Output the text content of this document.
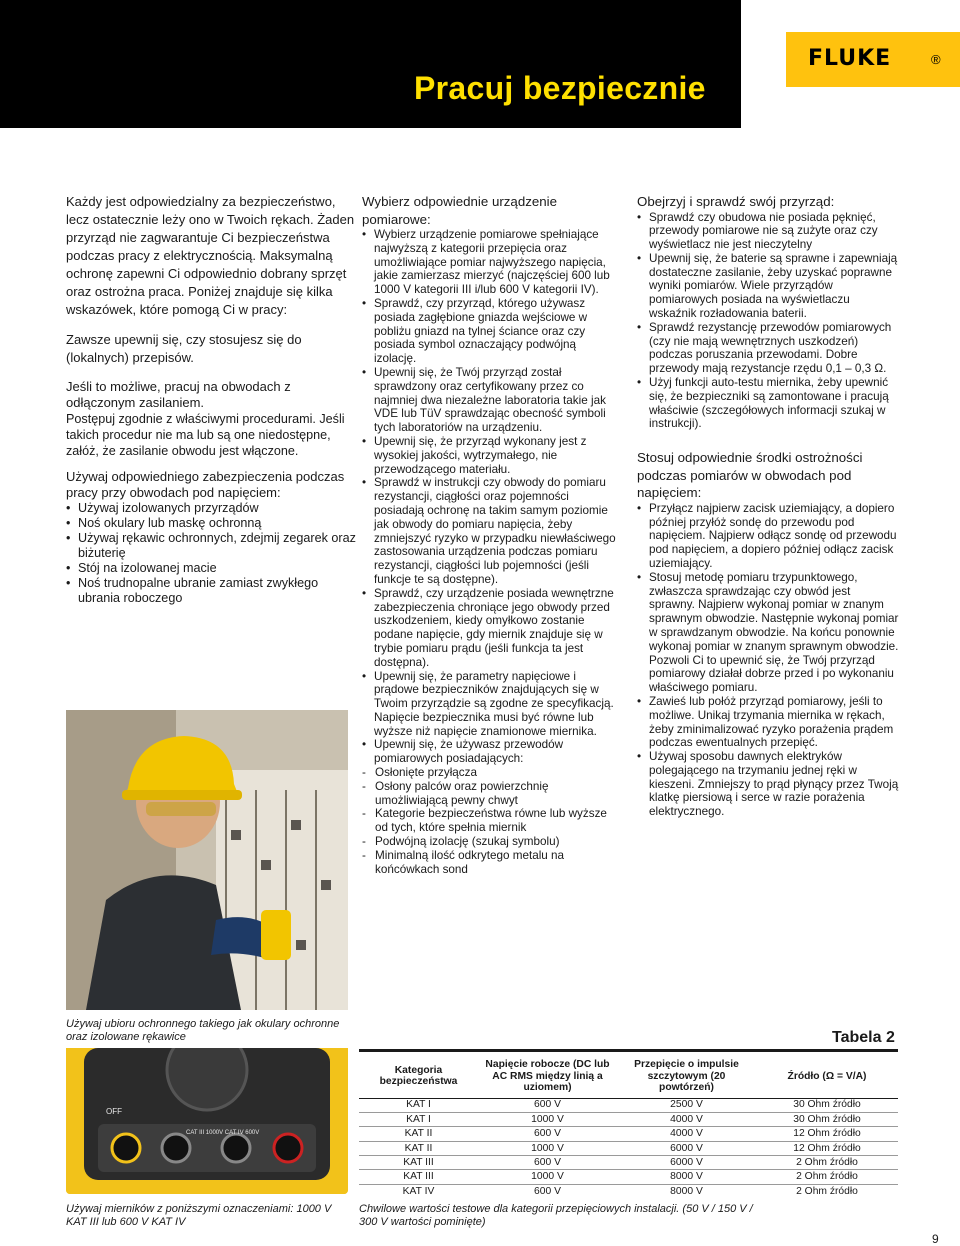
Pracuj bezpiecznie
FLUKE	®

Każdy jest odpowiedzialny za bezpieczeństwo, lecz ostatecznie leży ono w Twoich rękach. Żaden przyrząd nie zagwarantuje Ci bezpieczeństwa podczas pracy z elektrycznością. Maksymalną ochronę zapewni Ci odpowiednio dobrany sprzęt oraz ostrożna praca. Poniżej znajduje się kilka wskazówek, które pomogą Ci w pracy:

Zawsze upewnij się, czy stosujesz się do (lokalnych) przepisów.

Jeśli to możliwe, pracuj na obwodach z odłączonym zasilaniem.

Postępuj zgodnie z właściwymi procedurami. Jeśli takich procedur nie ma lub są one niedostępne, załóż, że zasilanie obwodu jest włączone.

Używaj odpowiedniego zabezpieczenia podczas pracy przy obwodach pod napięciem:
• Używaj izolowanych przyrządów
• Noś okulary lub maskę ochronną
• Używaj rękawic ochronnych, zdejmij zegarek oraz biżuterię
• Stój na izolowanej macie
• Noś trudnopalne ubranie zamiast zwykłego ubrania roboczego
Wybierz odpowiednie urządzenie pomiarowe:
• Wybierz urządzenie pomiarowe spełniające najwyższą z kategorii przepięcia oraz umożliwiające pomiar najwyższego napięcia, jakie zamierzasz mierzyć (najczęściej 600 lub 1000 V kategorii III i/lub 600 V kategorii IV).
• Sprawdź, czy przyrząd, którego używasz posiada zagłębione gniazda wejściowe w pobliżu gniazd na tylnej ściance oraz czy posiada symbol oznaczający podwójną izolację.
• Upewnij się, że Twój przyrząd został sprawdzony oraz certyfikowany przez co najmniej dwa niezależne laboratoria takie jak VDE lub TüV sprawdzając obecność symboli tych laboratoriów na urządzeniu.
• Upewnij się, że przyrząd wykonany jest z wysokiej jakości, wytrzymałego, nie przewodzącego materiału.
• Sprawdź w instrukcji czy obwody do pomiaru rezystancji, ciągłości oraz pojemności posiadają ochronę na takim samym poziomie jak obwody do pomiaru napięcia, żeby zmniejszyć ryzyko w przypadku niewłaściwego zastosowania urządzenia podczas pomiaru rezystancji, ciągłości lub pojemności (jeśli funkcje te są dostępne).
• Sprawdź, czy urządzenie posiada wewnętrzne zabezpieczenia chroniące jego obwody przed uszkodzeniem, kiedy omyłkowo zostanie podane napięcie, gdy miernik znajduje się w trybie pomiaru prądu (jeśli funkcja ta jest dostępna).
• Upewnij się, że parametry napięciowe i prądowe bezpieczników znajdujących się w Twoim przyrządzie są zgodne ze specyfikacją. Napięcie bezpiecznika musi być równe lub wyższe niż napięcie znamionowe miernika.
• Upewnij się, że używasz przewodów pomiarowych posiadających:
- Osłonięte przyłącza
- Osłony palców oraz powierzchnię umożliwiającą pewny chwyt
- Kategorie bezpieczeństwa równe lub wyższe od tych, które spełnia miernik
- Podwójną izolację (szukaj symbolu)
- Minimalną ilość odkrytego metalu na końcówkach sond
Obejrzyj i sprawdź swój przyrząd:
• Sprawdź czy obudowa nie posiada pęknięć, przewody pomiarowe nie są zużyte oraz czy wyświetlacz nie jest nieczytelny
• Upewnij się, że baterie są sprawne i zapewniają dostateczne zasilanie, żeby uzyskać poprawne wyniki pomiarów. Wiele przyrządów pomiarowych posiada na wyświetlaczu wskaźnik rozładowania baterii.
• Sprawdź rezystancję przewodów pomiarowych (czy nie mają wewnętrznych uszkodzeń) podczas poruszania przewodami. Dobre przewody mają rezystancje rzędu 0,1 – 0,3 Ω.
• Użyj funkcji auto-testu miernika, żeby upewnić się, że bezpieczniki są zamontowane i pracują właściwie (szczegółowych informacji szukaj w instrukcji).
Stosuj odpowiednie środki ostrożności podczas pomiarów w obwodach pod napięciem:
• Przyłącz najpierw zacisk uziemiający, a dopiero później przyłóż sondę do przewodu pod napięciem. Najpierw odłącz sondę od przewodu pod napięciem, a dopiero później odłącz zacisk uziemiający.
• Stosuj metodę pomiaru trzypunktowego, zwłaszcza sprawdzając czy obwód jest sprawny. Najpierw wykonaj pomiar w znanym sprawnym obwodzie. Następnie wykonaj pomiar w sprawdzanym obwodzie. Na końcu ponownie wykonaj pomiar w znanym sprawnym obwodzie. Pozwoli Ci to upewnić się, że Twój przyrząd pomiarowy działał dobrze przed i po wykonaniu właściwego pomiaru.
• Zawieś lub połóż przyrząd pomiarowy, jeśli to możliwe. Unikaj trzymania miernika w rękach, żeby zminimalizować ryzyko porażenia prądem podczas ewentualnych przepięć.
• Używaj sposobu dawnych elektryków polegającego na trzymaniu jednej ręki w kieszeni. Zmniejszy to prąd płynący przez Twoją klatkę piersiową i serce w razie porażenia elektrycznego.
Używaj ubioru ochronnego takiego jak okulary ochronne oraz izolowane rękawice
CAT III 1000V CAT IV 600V
OFF
Używaj mierników z poniższymi oznaczeniami: 1000 V KAT III lub 600 V KAT IV
Tabela 2
Kategoria bezpieczeństwa	Napięcie robocze (DC lub AC RMS między linią a uziomem)	Przepięcie o impulsie szczytowym (20 powtórzeń)	Źródło (Ω = V/A)
KAT I	600 V	2500 V	30 Ohm źródło
KAT I	1000 V	4000 V	30 Ohm źródło
KAT II	600 V	4000 V	12 Ohm źródło
KAT II	1000 V	6000 V	12 Ohm źródło
KAT III	600 V	6000 V	2 Ohm źródło
KAT III	1000 V	8000 V	2 Ohm źródło
KAT IV	600 V	8000 V	2 Ohm źródło
Chwilowe wartości testowe dla kategorii przepięciowych instalacji. (50 V / 150 V / 300 V wartości pominięte)
9
